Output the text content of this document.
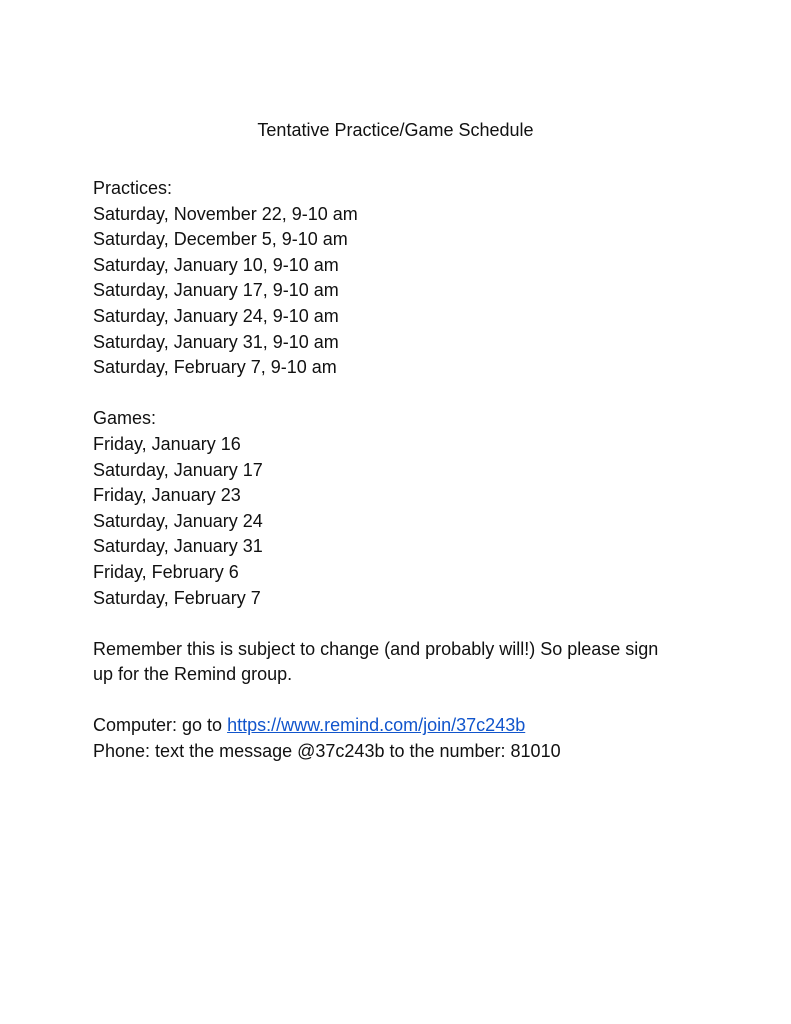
Tentative Practice/Game Schedule
Practices:
Saturday, November 22, 9-10 am
Saturday, December 5, 9-10 am
Saturday, January 10, 9-10 am
Saturday, January 17, 9-10 am
Saturday, January 24, 9-10 am
Saturday, January 31, 9-10 am
Saturday, February 7, 9-10 am
Games:
Friday, January 16
Saturday, January 17
Friday, January 23
Saturday, January 24
Saturday, January 31
Friday, February 6
Saturday, February 7
Remember this is subject to change (and probably will!) So please sign up for the Remind group.
Computer: go to https://www.remind.com/join/37c243b
Phone: text the message @37c243b to the number: 81010
